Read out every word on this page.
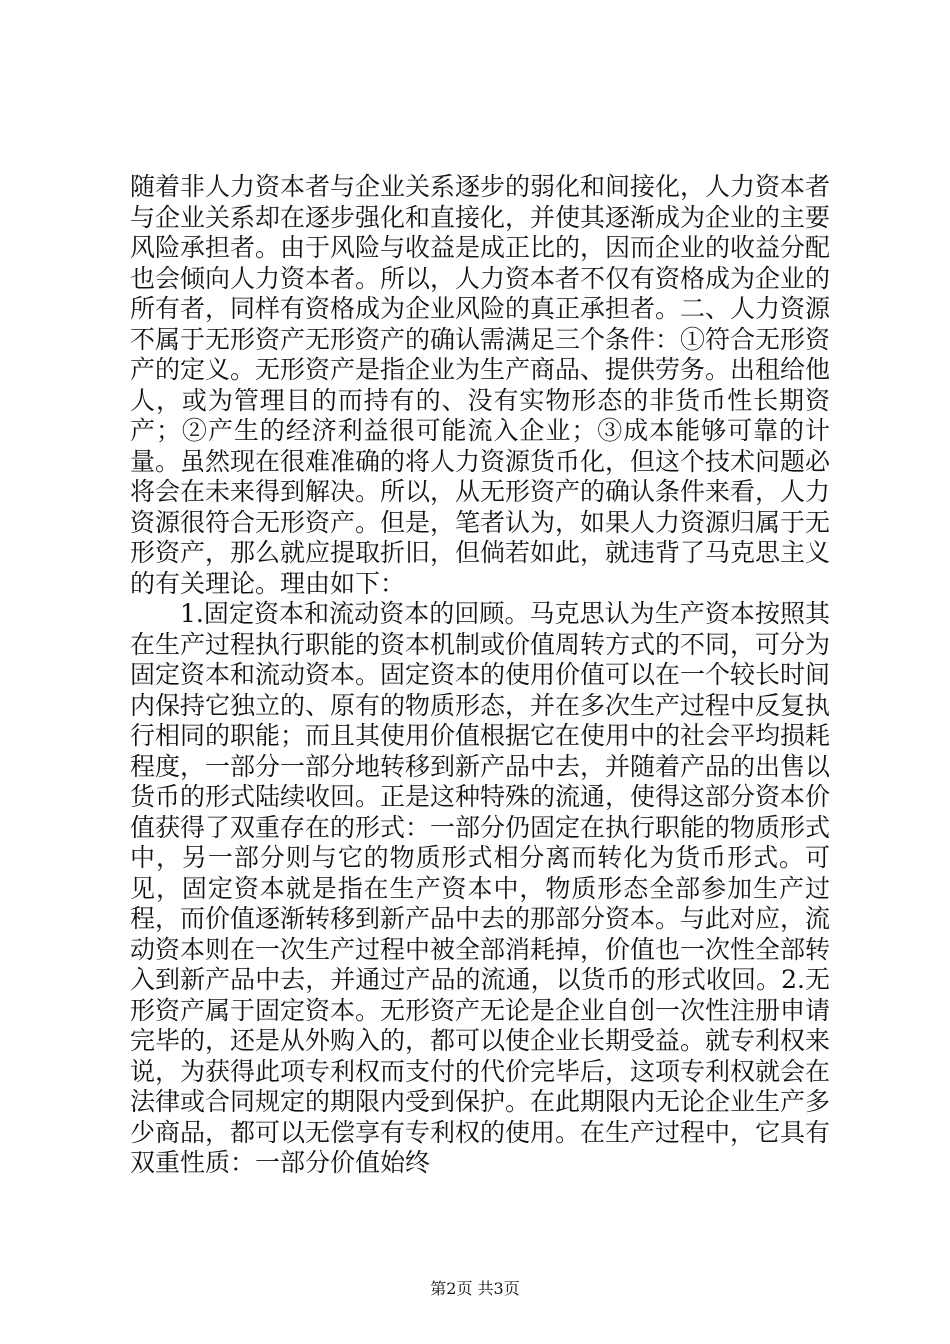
随着非人力资本者与企业关系逐步的弱化和间接化，人力资本者与企业关系却在逐步强化和直接化，并使其逐渐成为企业的主要风险承担者。由于风险与收益是成正比的，因而企业的收益分配也会倾向人力资本者。所以，人力资本者不仅有资格成为企业的所有者，同样有资格成为企业风险的真正承担者。二、人力资源不属于无形资产无形资产的确认需满足三个条件：①符合无形资产的定义。无形资产是指企业为生产商品、提供劳务。出租给他人，或为管理目的而持有的、没有实物形态的非货币性长期资产；②产生的经济利益很可能流入企业；③成本能够可靠的计量。虽然现在很难准确的将人力资源货币化，但这个技术问题必将会在未来得到解决。所以，从无形资产的确认条件来看，人力资源很符合无形资产。但是，笔者认为，如果人力资源归属于无形资产，那么就应提取折旧，但倘若如此，就违背了马克思主义的有关理论。理由如下：

1.固定资本和流动资本的回顾。马克思认为生产资本按照其在生产过程执行职能的资本机制或价值周转方式的不同，可分为固定资本和流动资本。固定资本的使用价值可以在一个较长时间内保持它独立的、原有的物质形态，并在多次生产过程中反复执行相同的职能；而且其使用价值根据它在使用中的社会平均损耗程度，一部分一部分地转移到新产品中去，并随着产品的出售以货币的形式陆续收回。正是这种特殊的流通，使得这部分资本价值获得了双重存在的形式：一部分仍固定在执行职能的物质形式中，另一部分则与它的物质形式相分离而转化为货币形式。可见，固定资本就是指在生产资本中，物质形态全部参加生产过程，而价值逐渐转移到新产品中去的那部分资本。与此对应，流动资本则在一次生产过程中被全部消耗掉，价值也一次性全部转入到新产品中去，并通过产品的流通，以货币的形式收回。2.无形资产属于固定资本。无形资产无论是企业自创一次性注册申请完毕的，还是从外购入的，都可以使企业长期受益。就专利权来说，为获得此项专利权而支付的代价完毕后，这项专利权就会在法律或合同规定的期限内受到保护。在此期限内无论企业生产多少商品，都可以无偿享有专利权的使用。在生产过程中，它具有双重性质：一部分价值始终

第2页 共3页
